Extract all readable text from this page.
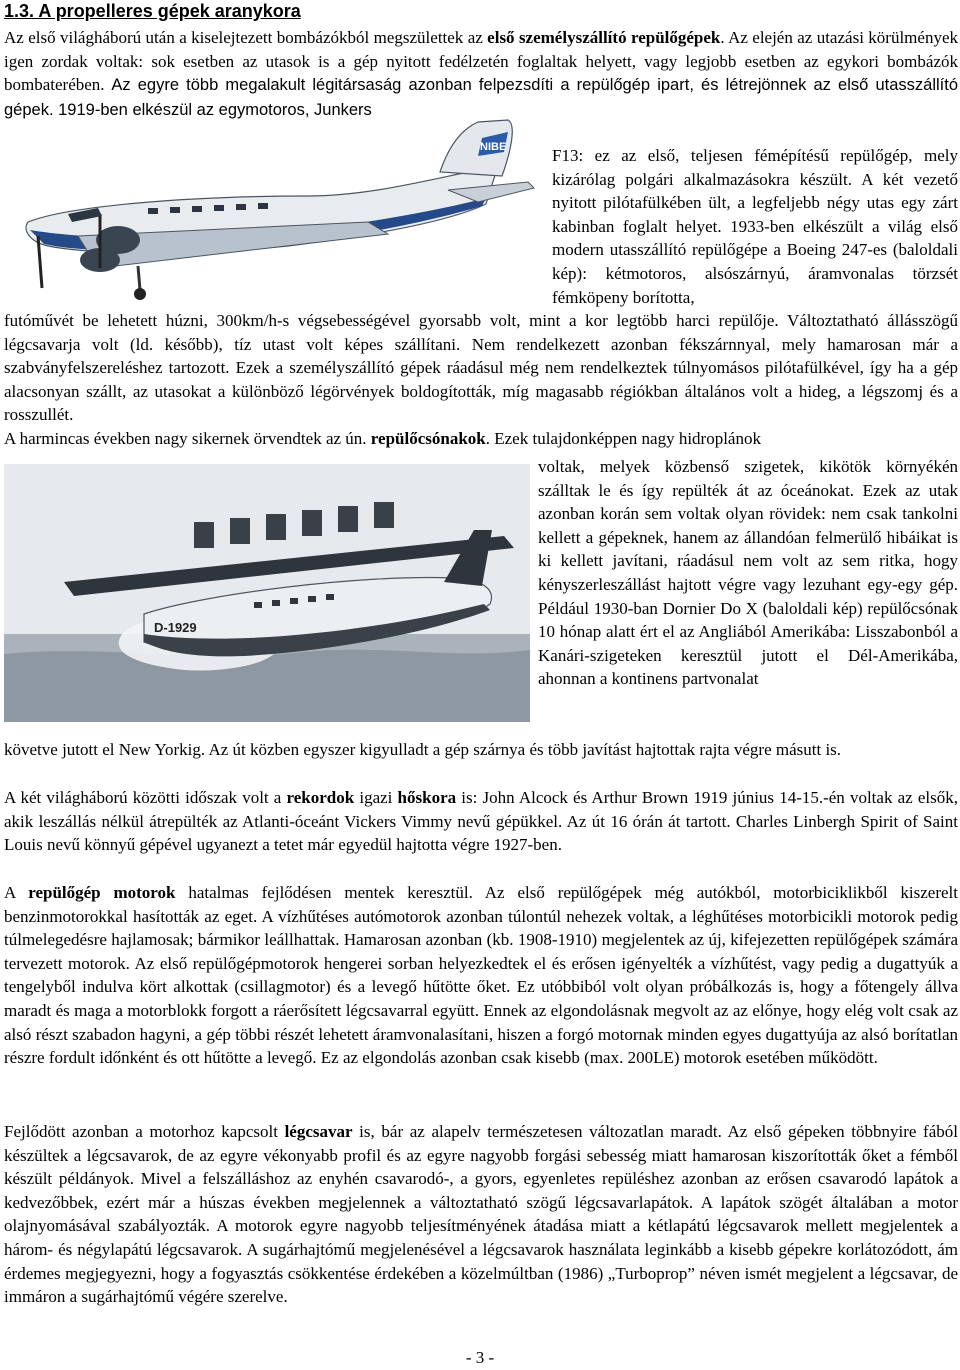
1.3. A propelleres gépek aranykora

Az első világháború után a kiselejtezett bombázókból megszülettek az első személyszállító repülőgépek. Az elején az utazási körülmények igen zordak voltak: sok esetben az utasok is a gép nyitott fedélzetén foglaltak helyett, vagy legjobb esetben az egykori bombázók bombaterében. Az egyre több megalakult légitársaság azonban felpezsdíti a repülőgép ipart, és létrejönnek az első utasszállító gépek. 1919-ben elkészül az egymotoros, Junkers

NIBE	F13: ez az első, teljesen fémépítésű repülőgép, mely kizárólag polgári alkalmazásokra készült. A két vezető nyitott pilótafülkében ült, a legfeljebb négy utas egy zárt kabinban foglalt helyet. 1933-ben elkészült a világ első modern utasszállító repülőgépe a Boeing 247-es (baloldali kép): kétmotoros, alsószárnyú, áramvonalas törzsét fémköpeny borította,

futóművét be lehetett húzni, 300km/h-s végsebességével gyorsabb volt, mint a kor legtöbb harci repülője. Változtatható állásszögű légcsavarja volt (ld. később), tíz utast volt képes szállítani. Nem rendelkezett azonban fékszárnnyal, mely hamarosan már a szabványfelszereléshez tartozott. Ezek a személyszállító gépek ráadásul még nem rendelkeztek túlnyomásos pilótafülkével, így ha a gép alacsonyan szállt, az utasokat a különböző légörvények boldogították, míg magasabb régiókban általános volt a hideg, a légszomj és a rosszullét.

A harmincas években nagy sikernek örvendtek az ún. repülőcsónakok. Ezek tulajdonképpen nagy hidroplánok

D-1929

voltak, melyek közbenső szigetek, kikötök környékén szálltak le és így repülték át az óceánokat. Ezek az utak azonban korán sem voltak olyan rövidek: nem csak tankolni kellett a gépeknek, hanem az állandóan felmerülő hibáikat is ki kellett javítani, ráadásul nem volt az sem ritka, hogy kényszerleszállást hajtott végre vagy lezuhant egy-egy gép. Például 1930-ban Dornier Do X (baloldali kép) repülőcsónak 10 hónap alatt ért el az Angliából Amerikába: Lisszabonból a Kanári-szigeteken keresztül jutott el Dél-Amerikába, ahonnan a kontinens partvonalat

követve jutott el New Yorkig. Az út közben egyszer kigyulladt a gép szárnya és több javítást hajtottak rajta végre másutt is.

A két világháború közötti időszak volt a rekordok igazi hőskora is: John Alcock és Arthur Brown 1919 június 14-15.-én voltak az elsők, akik leszállás nélkül átrepülték az Atlanti-óceánt Vickers Vimmy nevű gépükkel. Az út 16 órán át tartott. Charles Linbergh Spirit of Saint Louis nevű könnyű gépével ugyanezt a tetet már egyedül hajtotta végre 1927-ben.

A repülőgép motorok hatalmas fejlődésen mentek keresztül. Az első repülőgépek még autókból, motorbiciklikből kiszerelt benzinmotorokkal hasították az eget. A vízhűtéses autómotorok azonban túlontúl nehezek voltak, a léghűtéses motorbicikli motorok pedig túlmelegedésre hajlamosak; bármikor leállhattak. Hamarosan azonban (kb. 1908-1910) megjelentek az új, kifejezetten repülőgépek számára tervezett motorok. Az első repülőgépmotorok hengerei sorban helyezkedtek el és erősen igényelték a vízhűtést, vagy pedig a dugattyúk a tengelyből indulva kört alkottak (csillagmotor) és a levegő hűtötte őket. Ez utóbbiból volt olyan próbálkozás is, hogy a főtengely állva maradt és maga a motorblokk forgott a ráerősített légcsavarral együtt. Ennek az elgondolásnak megvolt az az előnye, hogy elég volt csak az alsó részt szabadon hagyni, a gép többi részét lehetett áramvonalasítani, hiszen a forgó motornak minden egyes dugattyúja az alsó borítatlan részre fordult időnként és ott hűtötte a levegő. Ez az elgondolás azonban csak kisebb (max. 200LE) motorok esetében működött.

Fejlődött azonban a motorhoz kapcsolt légcsavar is, bár az alapelv természetesen változatlan maradt. Az első gépeken többnyire fából készültek a légcsavarok, de az egyre vékonyabb profil és az egyre nagyobb forgási sebesség miatt hamarosan kiszorították őket a fémből készült példányok. Mivel a felszálláshoz az enyhén csavarodó-, a gyors, egyenletes repüléshez azonban az erősen csavarodó lapátok a kedvezőbbek, ezért már a húszas években megjelennek a változtatható szögű légcsavarlapátok. A lapátok szögét általában a motor olajnyomásával szabályozták. A motorok egyre nagyobb teljesítményének átadása miatt a kétlapátú légcsavarok mellett megjelentek a három- és négylapátú légcsavarok. A sugárhajtómű megjelenésével a légcsavarok használata leginkább a kisebb gépekre korlátozódott, ám érdemes megjegyezni, hogy a fogyasztás csökkentése érdekében a közelmúltban (1986) „Turboprop” néven ismét megjelent a légcsavar, de immáron a sugárhajtómű végére szerelve.

- 3 -
